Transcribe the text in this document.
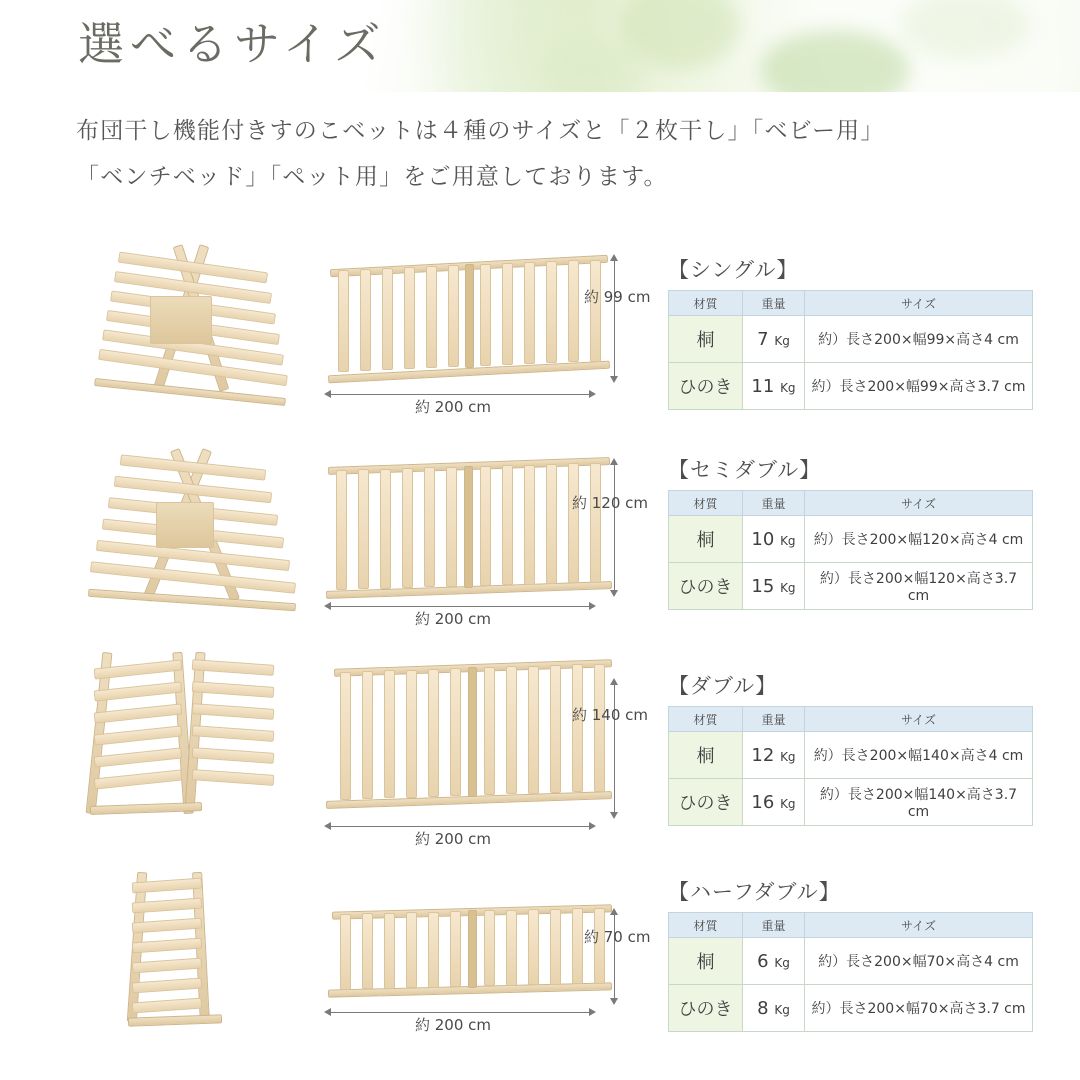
選べるサイズ
布団干し機能付きすのこベットは４種のサイズと「２枚干し」「ベビー用」
「ベンチベッド」「ペット用」をご用意しております。
約 99 cm
約 200 cm
【シングル】
材質	重量	サイズ
桐	7 Kg	約）長さ200×幅99×高さ4 cm
ひのき	11 Kg	約）長さ200×幅99×高さ3.7 cm
約 120 cm
約 200 cm
【セミダブル】
材質	重量	サイズ
桐	10 Kg	約）長さ200×幅120×高さ4 cm
ひのき	15 Kg	約）長さ200×幅120×高さ3.7 cm
約 140 cm
約 200 cm
【ダブル】
材質	重量	サイズ
桐	12 Kg	約）長さ200×幅140×高さ4 cm
ひのき	16 Kg	約）長さ200×幅140×高さ3.7 cm
約 70 cm
約 200 cm
【ハーフダブル】
材質	重量	サイズ
桐	6 Kg	約）長さ200×幅70×高さ4 cm
ひのき	8 Kg	約）長さ200×幅70×高さ3.7 cm
